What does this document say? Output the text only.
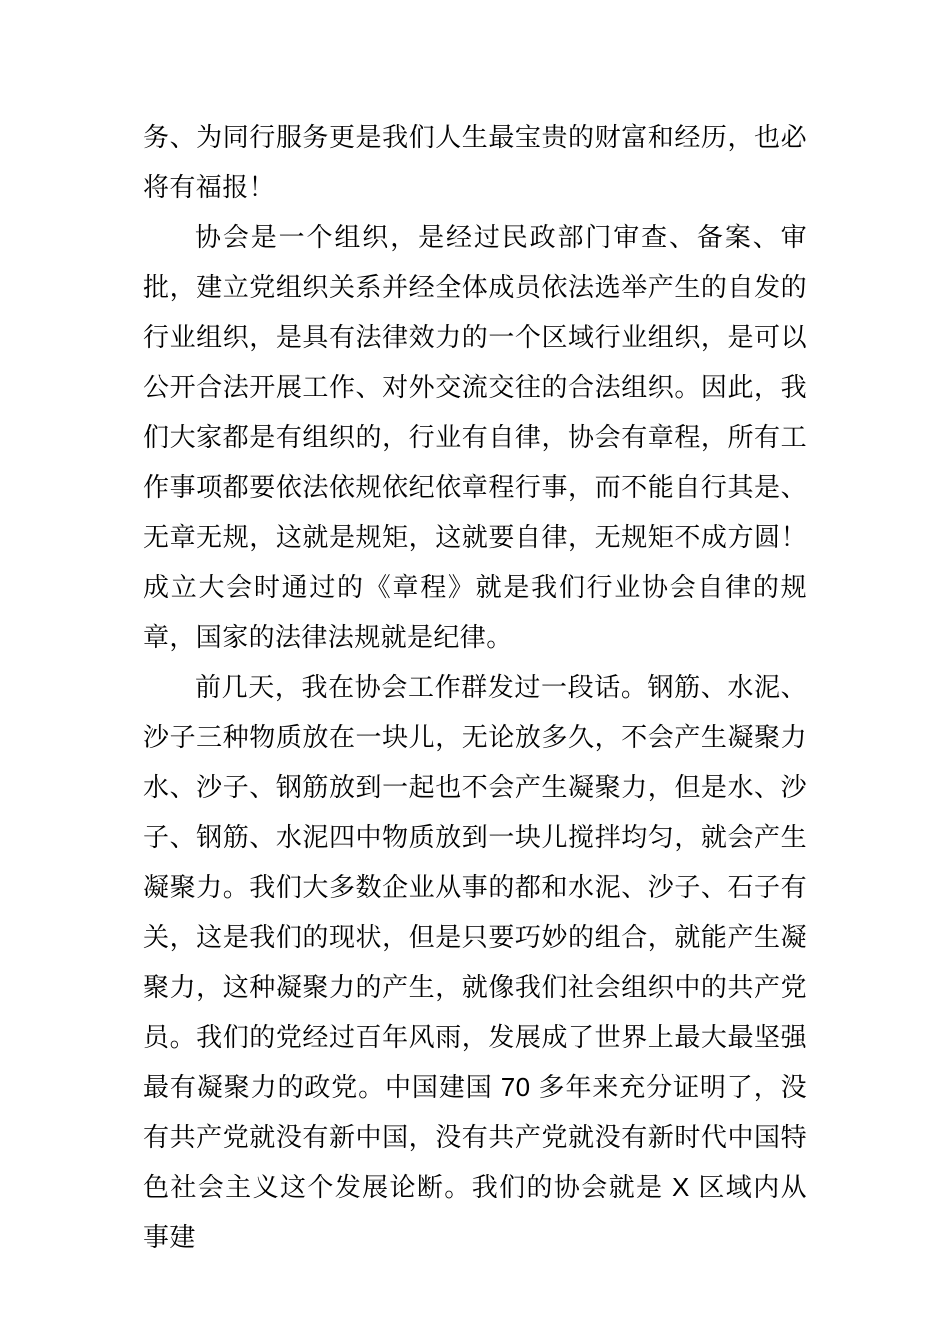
务、为同行服务更是我们人生最宝贵的财富和经历，也必将有福报！

协会是一个组织，是经过民政部门审查、备案、审批，建立党组织关系并经全体成员依法选举产生的自发的行业组织，是具有法律效力的一个区域行业组织，是可以公开合法开展工作、对外交流交往的合法组织。因此，我们大家都是有组织的，行业有自律，协会有章程，所有工作事项都要依法依规依纪依章程行事，而不能自行其是、无章无规，这就是规矩，这就要自律，无规矩不成方圆！成立大会时通过的《章程》就是我们行业协会自律的规章，国家的法律法规就是纪律。

前几天，我在协会工作群发过一段话。钢筋、水泥、沙子三种物质放在一块儿，无论放多久，不会产生凝聚力水、沙子、钢筋放到一起也不会产生凝聚力，但是水、沙子、钢筋、水泥四中物质放到一块儿搅拌均匀，就会产生凝聚力。我们大多数企业从事的都和水泥、沙子、石子有关，这是我们的现状，但是只要巧妙的组合，就能产生凝聚力，这种凝聚力的产生，就像我们社会组织中的共产党员。我们的党经过百年风雨，发展成了世界上最大最坚强最有凝聚力的政党。中国建国 70 多年来充分证明了，没有共产党就没有新中国，没有共产党就没有新时代中国特色社会主义这个发展论断。我们的协会就是 X 区域内从事建
